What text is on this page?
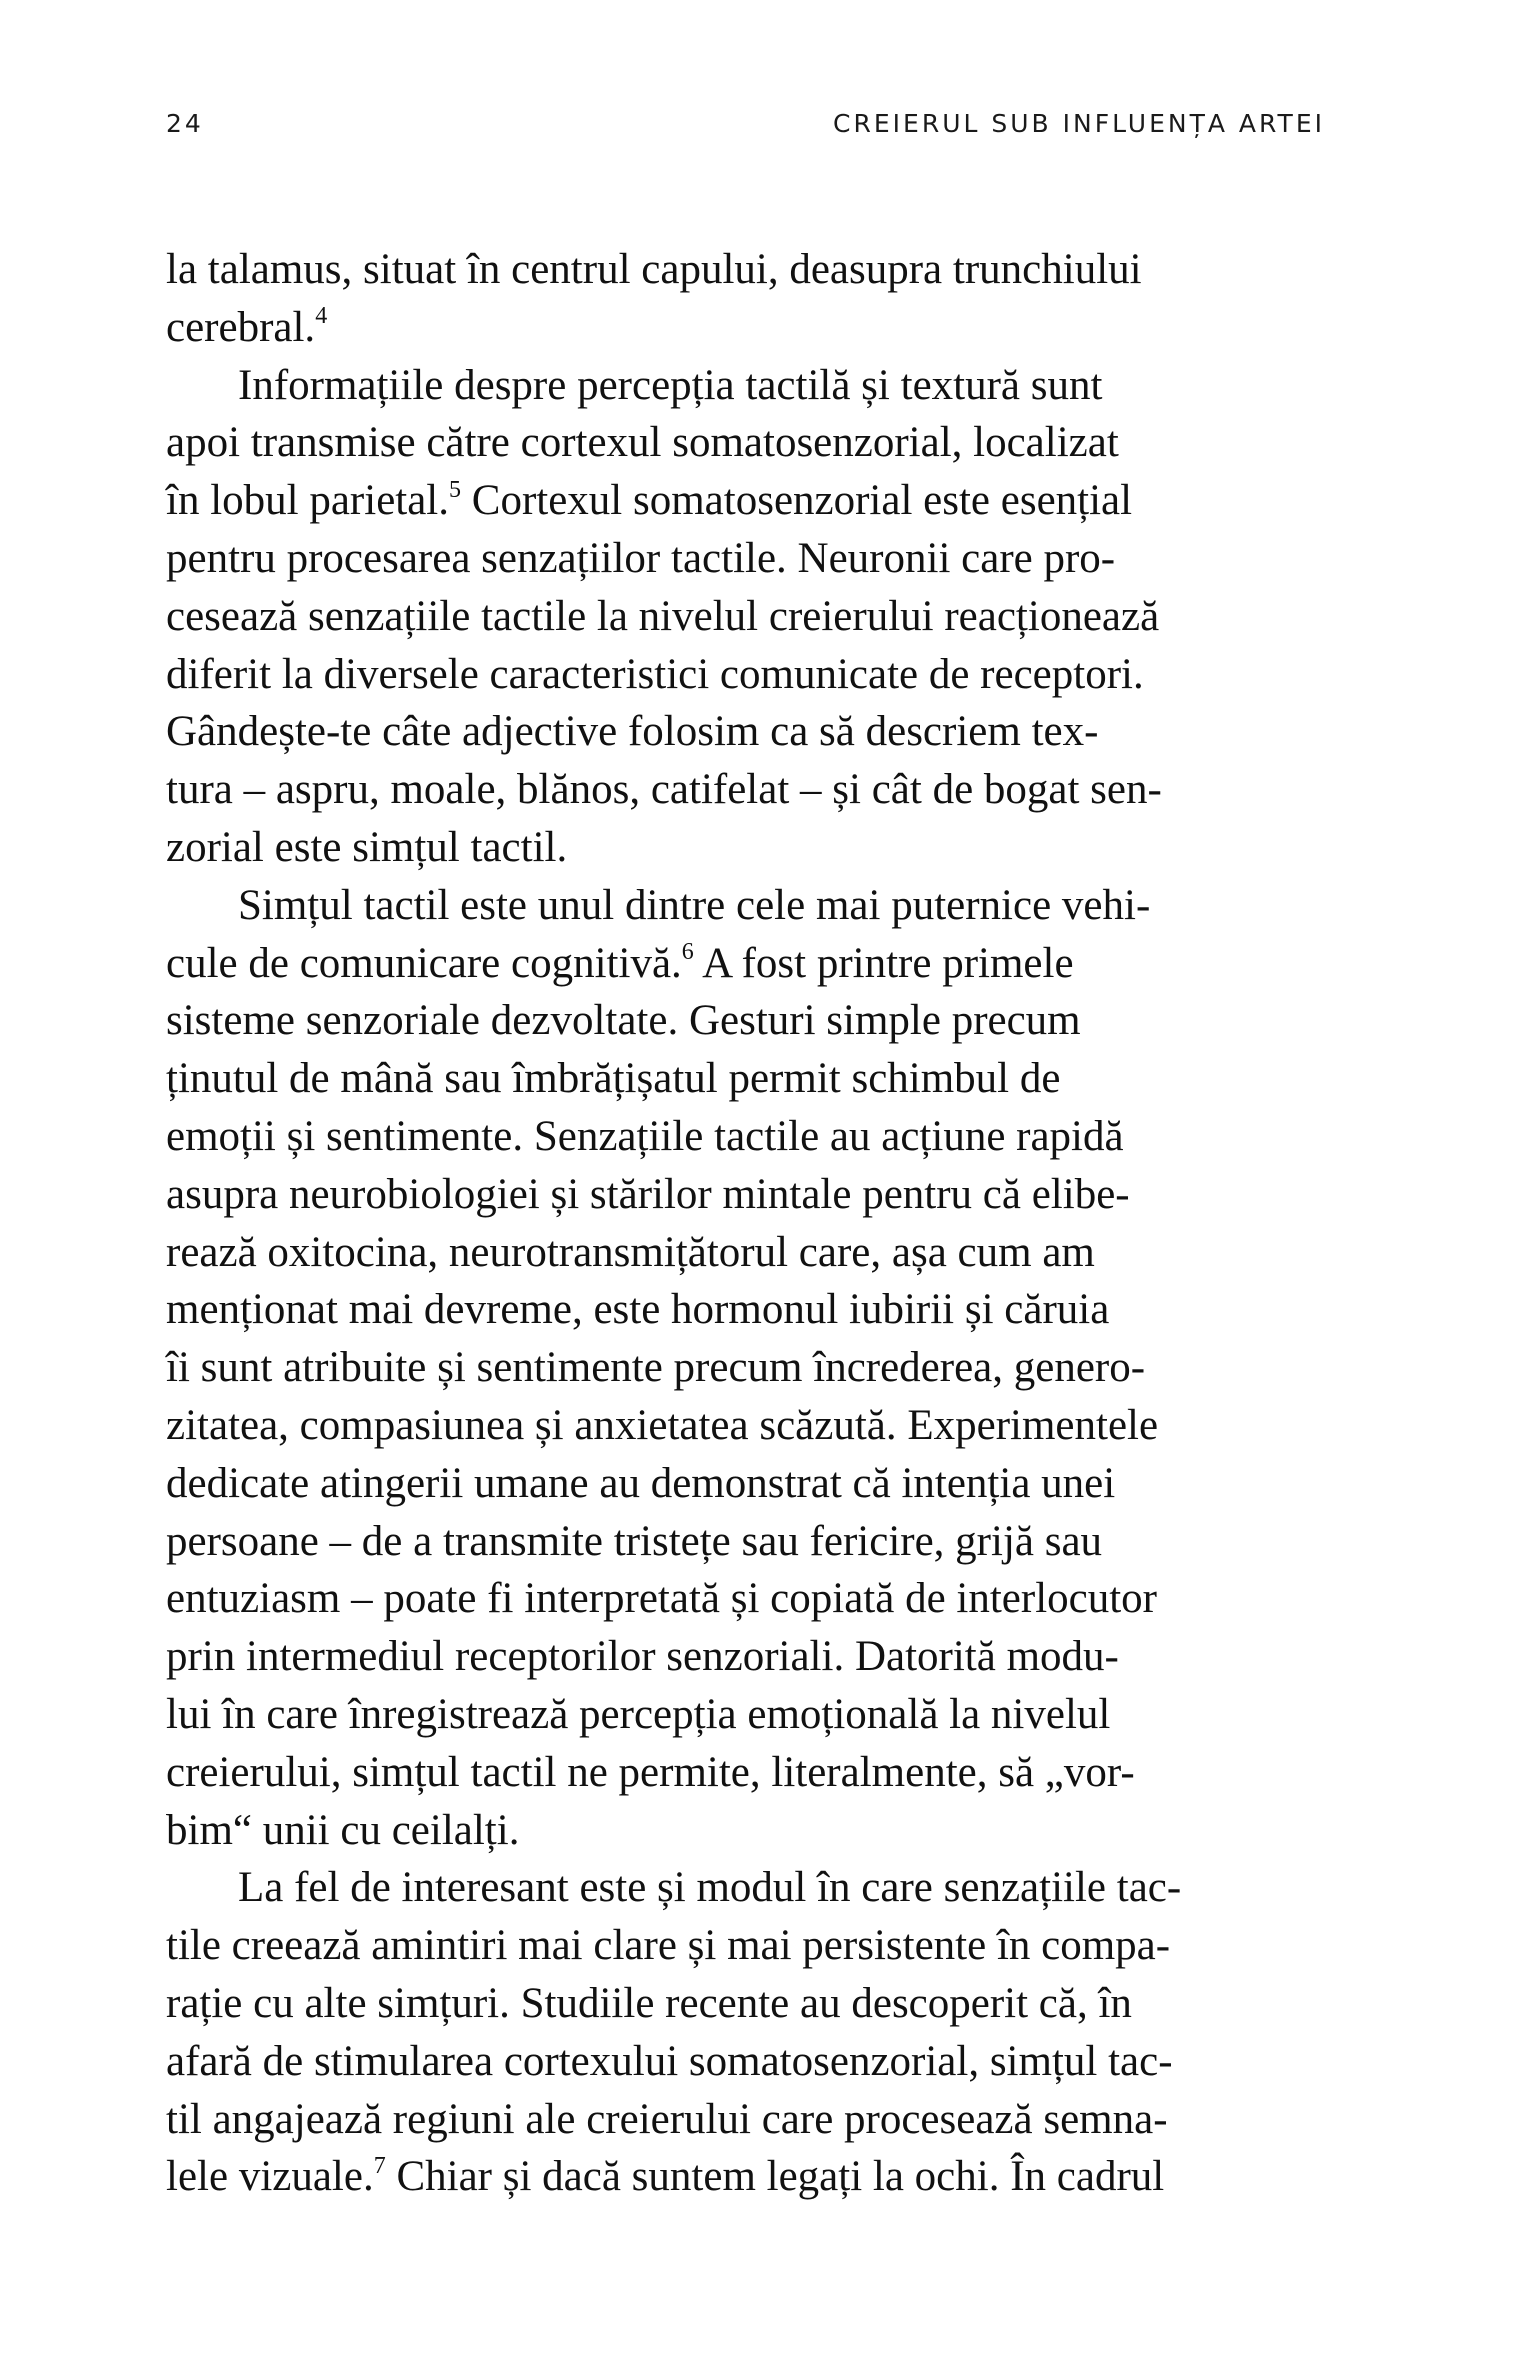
24	CREIERUL SUB INFLUENȚA ARTEI
la talamus, situat în centrul capului, deasupra trunchiului
cerebral.$^4$
Informațiile despre percepția tactilă și textură sunt
apoi transmise către cortexul somatosenzorial, localizat
în lobul parietal.$^5$ Cortexul somatosenzorial este esențial
pentru procesarea senzațiilor tactile. Neuronii care pro-
cesează senzațiile tactile la nivelul creierului reacționează
diferit la diversele caracteristici comunicate de receptori.
Gândește-te câte adjective folosim ca să descriem tex-
tura – aspru, moale, blănos, catifelat – și cât de bogat sen-
zorial este simțul tactil.
Simțul tactil este unul dintre cele mai puternice vehi-
cule de comunicare cognitivă.$^6$ A fost printre primele
sisteme senzoriale dezvoltate. Gesturi simple precum
ținutul de mână sau îmbrățișatul permit schimbul de
emoții și sentimente. Senzațiile tactile au acțiune rapidă
asupra neurobiologiei și stărilor mintale pentru că elibe-
rează oxitocina, neurotransmițătorul care, așa cum am
menționat mai devreme, este hormonul iubirii și căruia
îi sunt atribuite și sentimente precum încrederea, genero-
zitatea, compasiunea și anxietatea scăzută. Experimentele
dedicate atingerii umane au demonstrat că intenția unei
persoane – de a transmite tristețe sau fericire, grijă sau
entuziasm – poate fi interpretată și copiată de interlocutor
prin intermediul receptorilor senzoriali. Datorită modu-
lui în care înregistrează percepția emoțională la nivelul
creierului, simțul tactil ne permite, literalmente, să „vor-
bim“ unii cu ceilalți.
La fel de interesant este și modul în care senzațiile tac-
tile creează amintiri mai clare și mai persistente în compa-
rație cu alte simțuri. Studiile recente au descoperit că, în
afară de stimularea cortexului somatosenzorial, simțul tac-
til angajează regiuni ale creierului care procesează semna-
lele vizuale.$^7$ Chiar și dacă suntem legați la ochi. În cadrul
